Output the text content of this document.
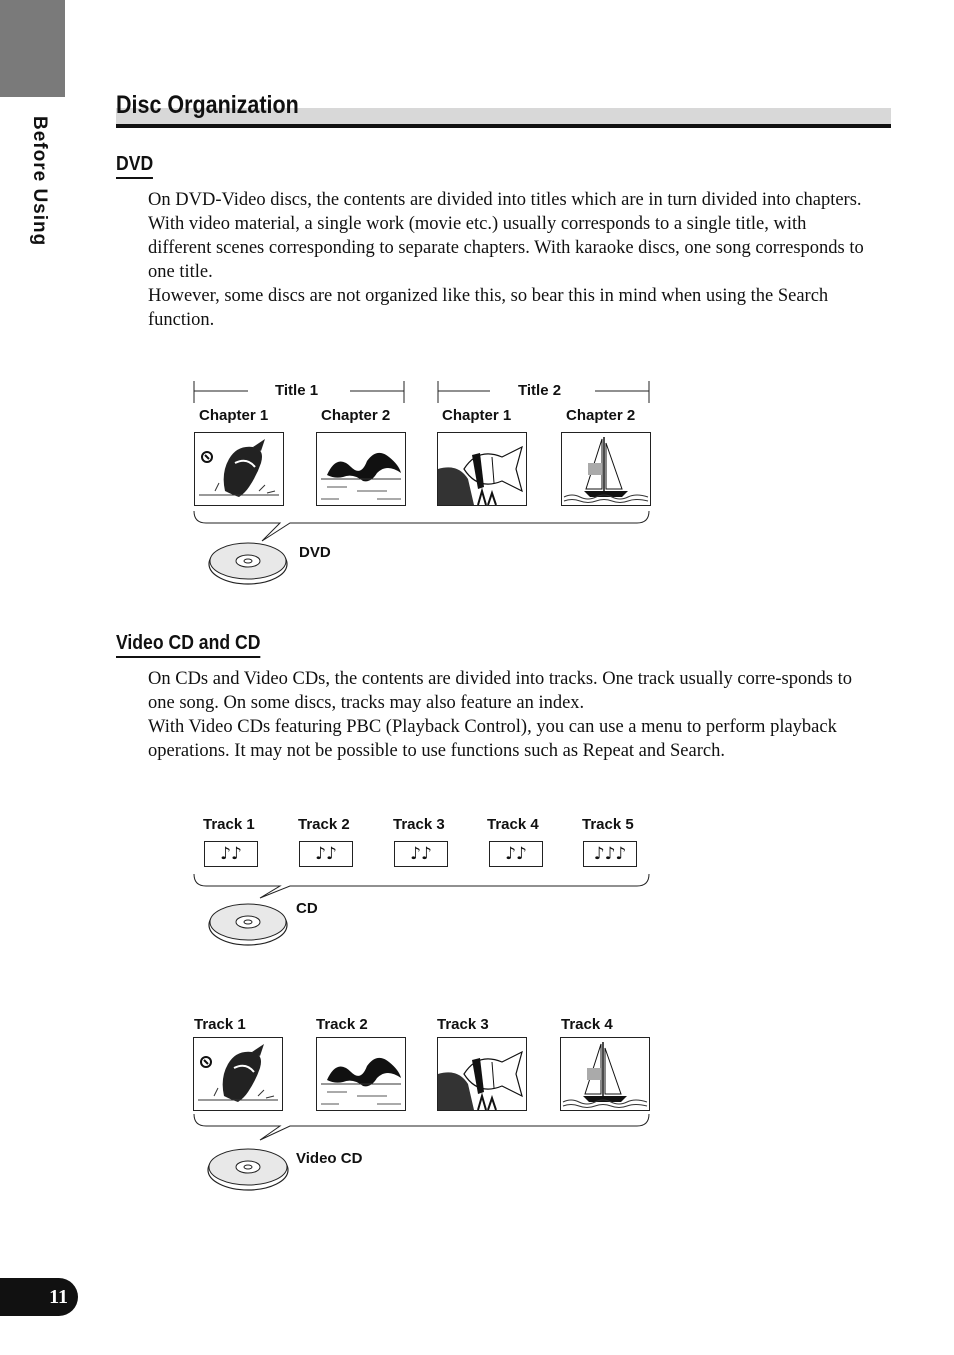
Before Using
Disc Organization
DVD

On DVD-Video discs, the contents are divided into titles which are in turn divided into chapters.

With video material, a single work (movie etc.) usually corresponds to a single title, with different scenes corresponding to separate chapters. With karaoke discs, one song corresponds to one title.

However, some discs are not organized like this, so bear this in mind when using the Search function.

Title 1	Title 2
Chapter 1	Chapter 2	Chapter 1	Chapter 2
DVD
Video CD and CD

On CDs and Video CDs, the contents are divided into tracks. One track usually corre-sponds to one song. On some discs, tracks may also feature an index.

With Video CDs featuring PBC (Playback Control), you can use a menu to perform playback operations. It may not be possible to use functions such as Repeat and Search.

Track 1	Track 2	Track 3	Track 4	Track 5
♪♪	♪♪	♪♪	♪♪	♪♪♪
CD
Track 1	Track 2	Track 3	Track 4
Video CD
11
